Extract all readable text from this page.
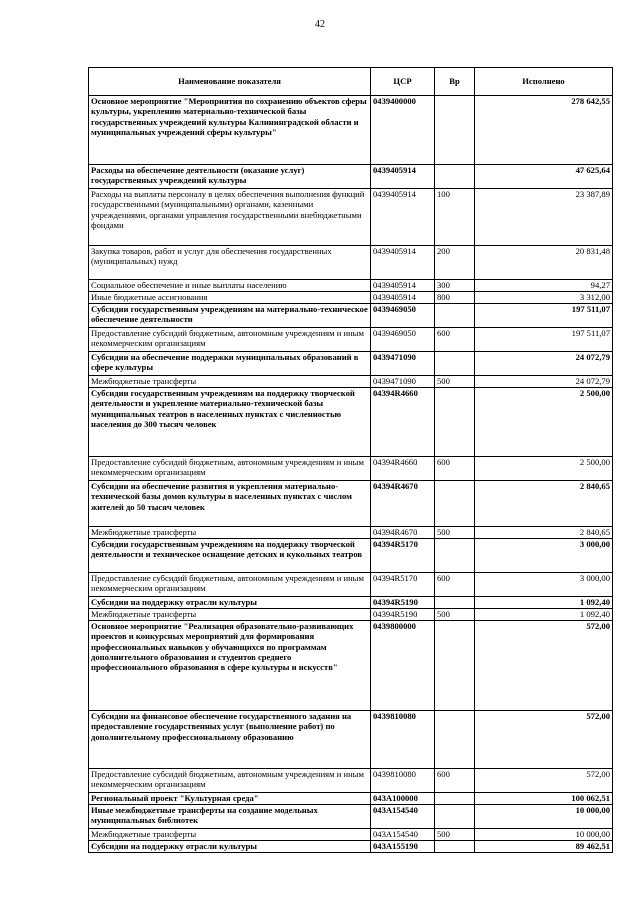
42
Наименование показателя	ЦСР	Вр	Исполнено
Основное мероприятие "Мероприятия по сохранению объектов сферы культуры, укреплению материально-технической базы государственных учреждений культуры Калининградской области и муниципальных учреждений сферы культуры"	0439400000		278 642,55
Расходы на обеспечение деятельности (оказание услуг) государственных учреждений культуры	0439405914		47 625,64
Расходы на выплаты персоналу в целях обеспечения выполнения функций государственными (муниципальными) органами, казенными учреждениями, органами управления государственными внебюджетными фондами	0439405914	100	23 387,89
Закупка товаров, работ и услуг для обеспечения государственных (муниципальных) нужд	0439405914	200	20 831,48
Социальное обеспечение и иные выплаты населению	0439405914	300	94,27
Иные бюджетные ассигнования	0439405914	800	3 312,00
Субсидии государственным учреждениям на материально-техническое обеспечение деятельности	0439469050		197 511,07
Предоставление субсидий бюджетным, автономным учреждениям и иным некоммерческим организациям	0439469050	600	197 511,07
Субсидии на обеспечение поддержки муниципальных образований в сфере культуры	0439471090		24 072,79
Межбюджетные трансферты	0439471090	500	24 072,79
Субсидии государственным учреждениям на поддержку творческой деятельности и укрепление материально-технической базы муниципальных театров в населенных пунктах с численностью населения до 300 тысяч человек	04394R4660		2 500,00
Предоставление субсидий бюджетным, автономным учреждениям и иным некоммерческим организациям	04394R4660	600	2 500,00
Субсидии на обеспечение развития и укрепления материально-технической базы домов культуры в населенных пунктах с числом жителей до 50 тысяч человек	04394R4670		2 840,65
Межбюджетные трансферты	04394R4670	500	2 840,65
Субсидии государственным учреждениям на поддержку творческой деятельности и техническое оснащение детских и кукольных театров	04394R5170		3 000,00
Предоставление субсидий бюджетным, автономным учреждениям и иным некоммерческим организациям	04394R5170	600	3 000,00
Субсидии на поддержку отрасли культуры	04394R5190		1 092,40
Межбюджетные трансферты	04394R5190	500	1 092,40
Основное мероприятие "Реализация образовательно-развивающих проектов и конкурсных мероприятий для формирования профессиональных навыков у обучающихся по программам дополнительного образования и студентов среднего профессионального образования в сфере культуры и искусств"	0439800000		572,00
Субсидии на финансовое обеспечение государственного задания на предоставление государственных услуг (выполнение работ) по дополнительному профессиональному образованию	0439810080		572,00
Предоставление субсидий бюджетным, автономным учреждениям и иным некоммерческим организациям	0439810080	600	572,00
Региональный проект "Культурная среда"	043A100000		100 062,51
Иные межбюджетные трансферты на создание модельных муниципальных библиотек	043A154540		10 000,00
Межбюджетные трансферты	043A154540	500	10 000,00
Субсидии на поддержку отрасли культуры	043A155190		89 462,51
